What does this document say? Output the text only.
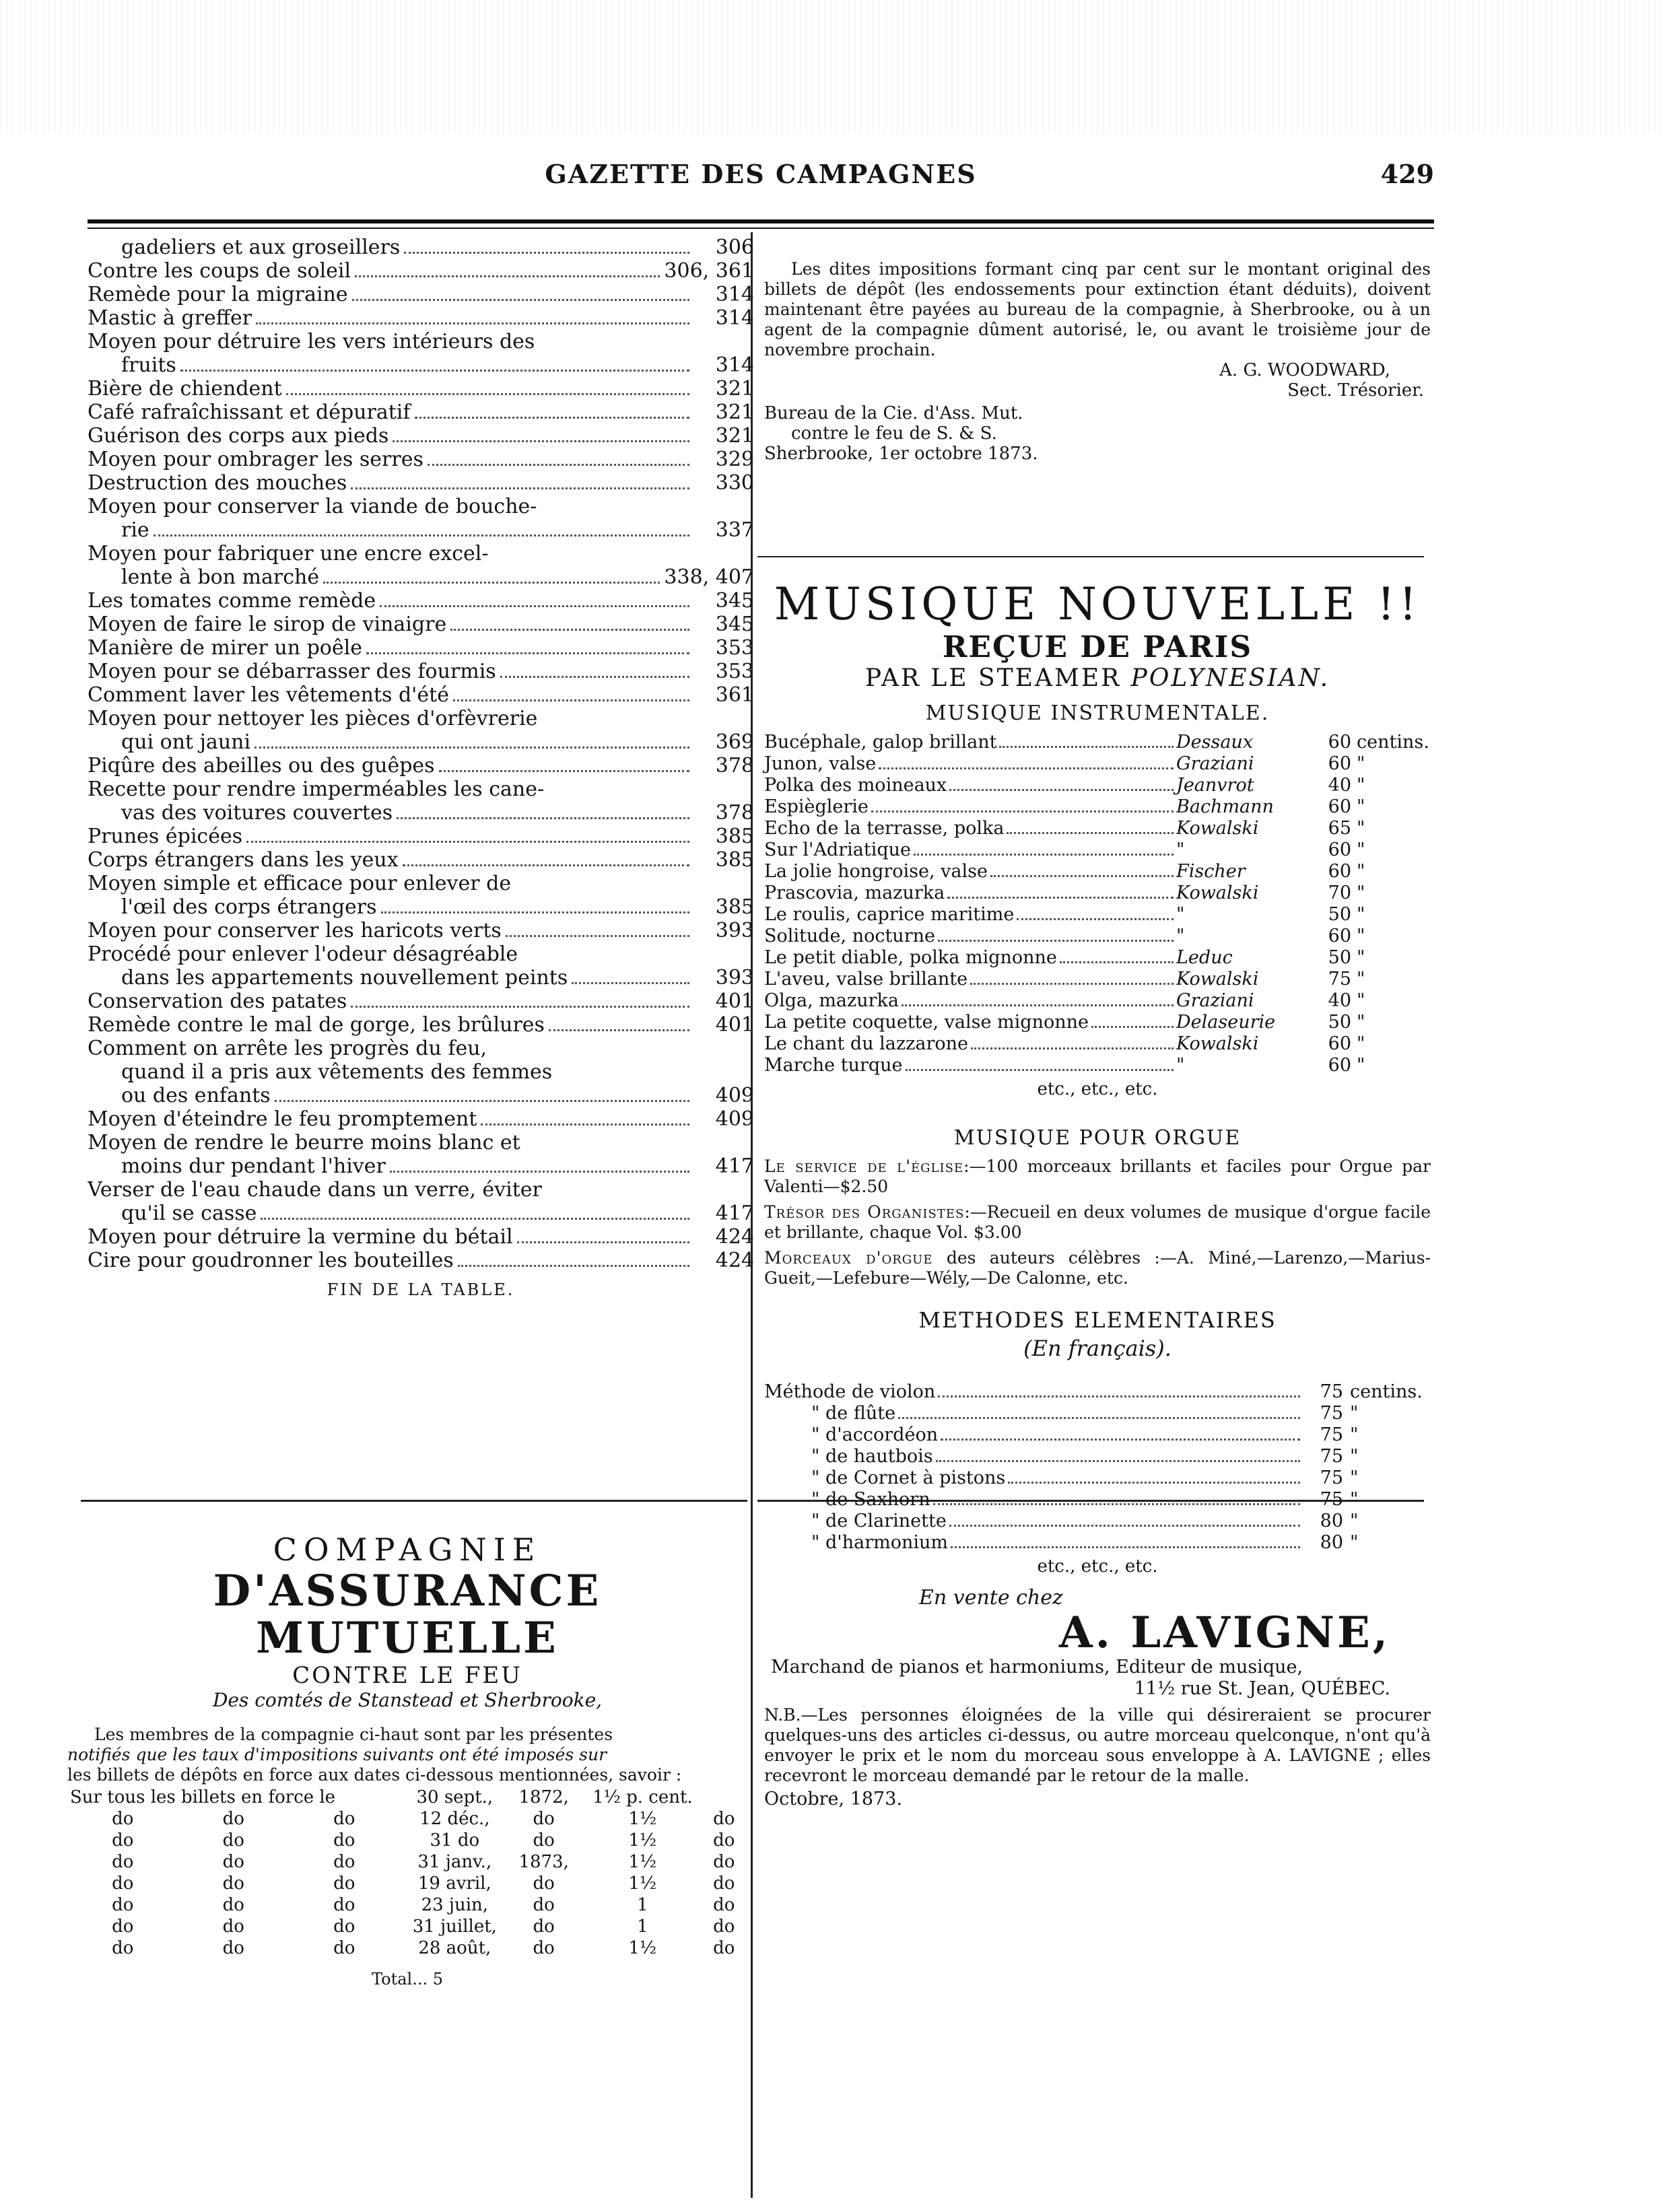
GAZETTE DES CAMPAGNES	429
gadeliers et aux groseillers	306
Contre les coups de soleil	306, 361
Remède pour la migraine	314
Mastic à greffer	314
Moyen pour détruire les vers intérieurs des
fruits	314
Bière de chiendent	321
Café rafraîchissant et dépuratif	321
Guérison des corps aux pieds	321
Moyen pour ombrager les serres	329
Destruction des mouches	330
Moyen pour conserver la viande de bouche-
rie	337
Moyen pour fabriquer une encre excel-
lente à bon marché	338, 407
Les tomates comme remède	345
Moyen de faire le sirop de vinaigre	345
Manière de mirer un poêle	353
Moyen pour se débarrasser des fourmis	353
Comment laver les vêtements d'été	361
Moyen pour nettoyer les pièces d'orfèvrerie
qui ont jauni	369
Piqûre des abeilles ou des guêpes	378
Recette pour rendre imperméables les cane-
vas des voitures couvertes	378
Prunes épicées	385
Corps étrangers dans les yeux	385
Moyen simple et efficace pour enlever de
l'œil des corps étrangers	385
Moyen pour conserver les haricots verts	393
Procédé pour enlever l'odeur désagréable
dans les appartements nouvellement peints	393
Conservation des patates	401
Remède contre le mal de gorge, les brûlures	401
Comment on arrête les progrès du feu,
quand il a pris aux vêtements des femmes
ou des enfants	409
Moyen d'éteindre le feu promptement	409
Moyen de rendre le beurre moins blanc et
moins dur pendant l'hiver	417
Verser de l'eau chaude dans un verre, éviter
qu'il se casse	417
Moyen pour détruire la vermine du bétail	424
Cire pour goudronner les bouteilles	424
FIN DE LA TABLE.
COMPAGNIE
D'ASSURANCE MUTUELLE
CONTRE LE FEU
Des comtés de Stanstead et Sherbrooke,

Les membres de la compagnie ci-haut sont par les présentes

notifiés que les taux d'impositions suivants ont été imposés sur

les billets de dépôts en force aux dates ci-dessous mentionnées, savoir :

Sur tous les billets en force le			30 sept.,	1872,	1½ p. cent.	
do	do	do	12 déc.,	do	1½	do
do	do	do	31 do	do	1½	do
do	do	do	31 janv.,	1873,	1½	do
do	do	do	19 avril,	do	1½	do
do	do	do	23 juin,	do	1	do
do	do	do	31 juillet,	do	1	do
do	do	do	28 août,	do	1½	do
Total... 5

Les dites impositions formant cinq par cent sur le montant original des billets de dépôt (les endossements pour extinction étant déduits), doivent maintenant être payées au bureau de la compagnie, à Sherbrooke, ou à un agent de la compagnie dûment autorisé, le, ou avant le troisième jour de novembre prochain.

A. G. WOODWARD,
Sect. Trésorier.
Bureau de la Cie. d'Ass. Mut.
contre le feu de S. & S.
Sherbrooke, 1er octobre 1873.
MUSIQUE NOUVELLE !!
REÇUE DE PARIS
PAR LE STEAMER POLYNESIAN.
MUSIQUE INSTRUMENTALE.
Bucéphale, galop brillant	Dessaux	60 centins.
Junon, valse	Graziani	60 "
Polka des moineaux	Jeanvrot	40 "
Espièglerie	Bachmann	60 "
Echo de la terrasse, polka	Kowalski	65 "
Sur l'Adriatique	"	60 "
La jolie hongroise, valse	Fischer	60 "
Prascovia, mazurka	Kowalski	70 "
Le roulis, caprice maritime	"	50 "
Solitude, nocturne	"	60 "
Le petit diable, polka mignonne	Leduc	50 "
L'aveu, valse brillante	Kowalski	75 "
Olga, mazurka	Graziani	40 "
La petite coquette, valse mignonne	Delaseurie	50 "
Le chant du lazzarone	Kowalski	60 "
Marche turque	"	60 "
etc., etc., etc.
MUSIQUE POUR ORGUE
Le service de l'église:—100 morceaux brillants et faciles pour Orgue par Valenti—$2.50
Trésor des Organistes:—Recueil en deux volumes de musique d'orgue facile et brillante, chaque Vol. $3.00
Morceaux d'orgue des auteurs célèbres :—A. Miné,—Larenzo,—Marius-Gueit,—Lefebure—Wély,—De Calonne, etc.
METHODES ELEMENTAIRES
(En français).
Méthode de violon	75 centins.
" de flûte	75 "
" d'accordéon	75 "
" de hautbois	75 "
" de Cornet à pistons	75 "
" de Saxhorn	75 "
" de Clarinette	80 "
" d'harmonium	80 "
etc., etc., etc.
En vente chez
A. LAVIGNE,
Marchand de pianos et harmoniums, Editeur de musique,
11½ rue St. Jean, QUÉBEC.
N.B.—Les personnes éloignées de la ville qui désireraient se procurer quelques-uns des articles ci-dessus, ou autre morceau quelconque, n'ont qu'à envoyer le prix et le nom du morceau sous enveloppe à A. LAVIGNE ; elles recevront le morceau demandé par le retour de la malle.
Octobre, 1873.
